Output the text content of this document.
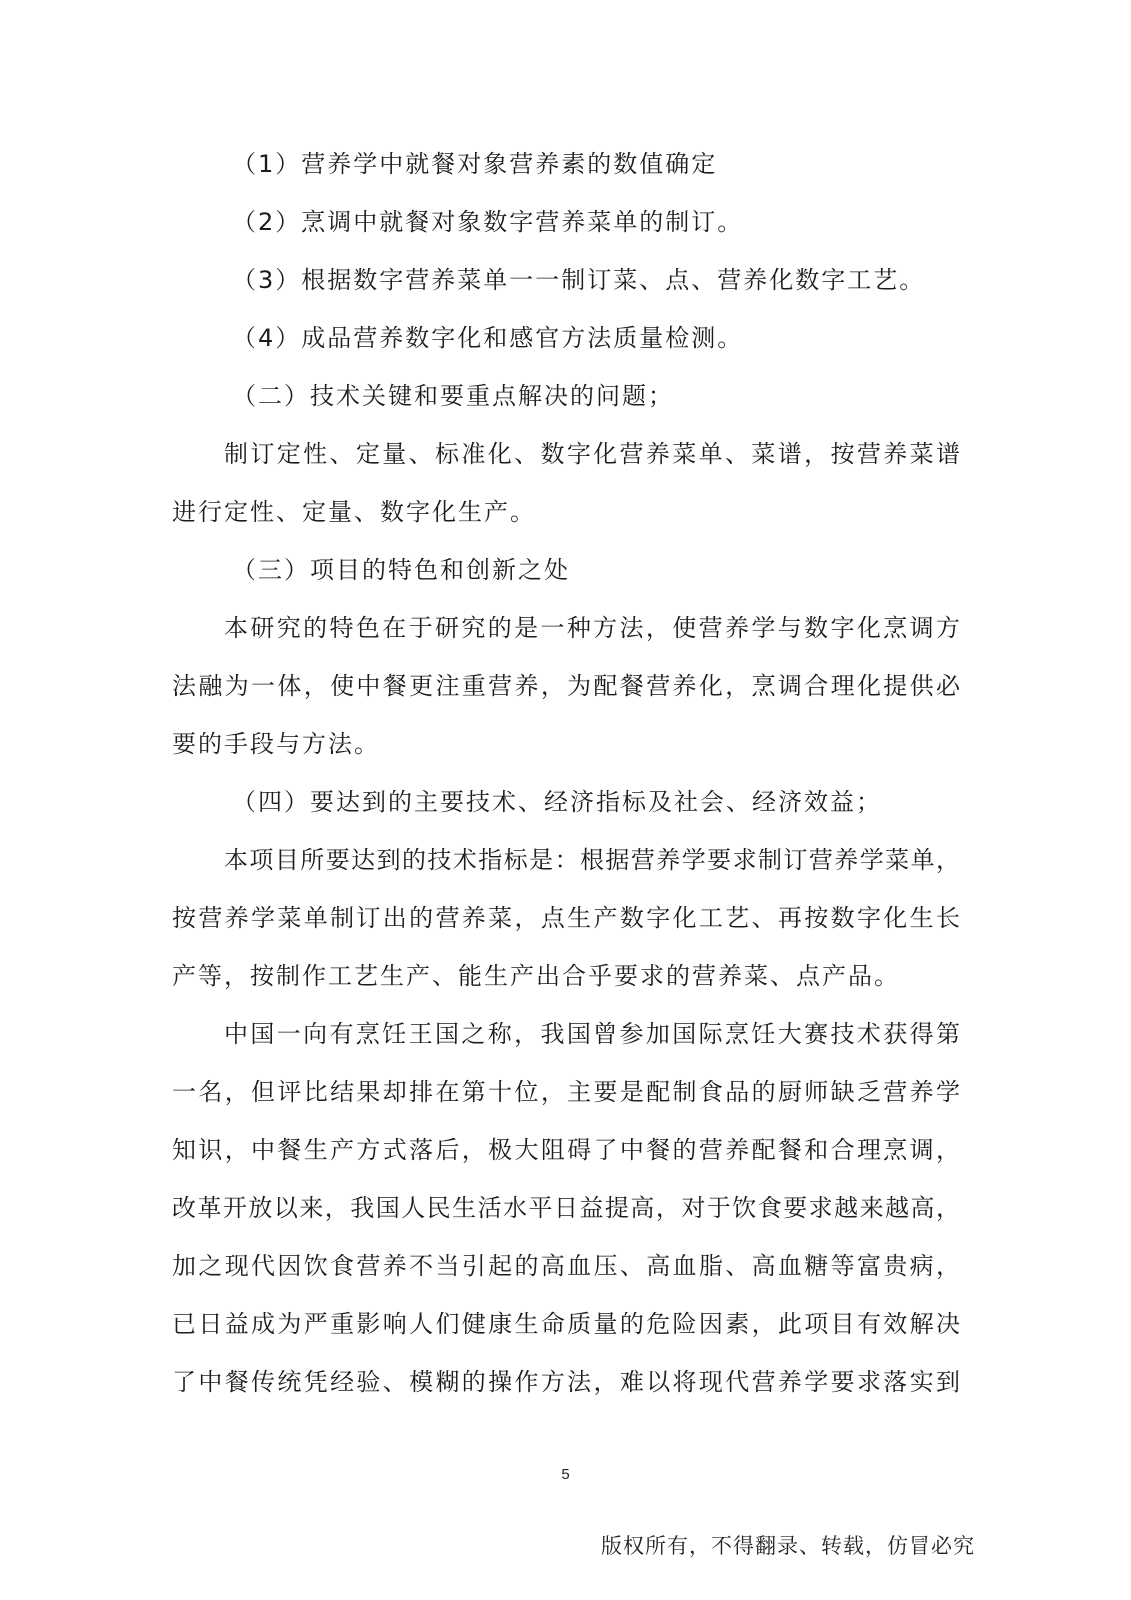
（1）营养学中就餐对象营养素的数值确定
（2）烹调中就餐对象数字营养菜单的制订。
（3）根据数字营养菜单一一制订菜、点、营养化数字工艺。
（4）成品营养数字化和感官方法质量检测。
（二）技术关键和要重点解决的问题；
制订定性、定量、标准化、数字化营养菜单、菜谱，按营养菜谱
进行定性、定量、数字化生产。
（三）项目的特色和创新之处
本研究的特色在于研究的是一种方法，使营养学与数字化烹调方
法融为一体，使中餐更注重营养，为配餐营养化，烹调合理化提供必
要的手段与方法。
（四）要达到的主要技术、经济指标及社会、经济效益；
本项目所要达到的技术指标是：根据营养学要求制订营养学菜单，
按营养学菜单制订出的营养菜，点生产数字化工艺、再按数字化生长
产等，按制作工艺生产、能生产出合乎要求的营养菜、点产品。
中国一向有烹饪王国之称，我国曾参加国际烹饪大赛技术获得第
一名，但评比结果却排在第十位，主要是配制食品的厨师缺乏营养学
知识，中餐生产方式落后，极大阻碍了中餐的营养配餐和合理烹调，
改革开放以来，我国人民生活水平日益提高，对于饮食要求越来越高，
加之现代因饮食营养不当引起的高血压、高血脂、高血糖等富贵病，
已日益成为严重影响人们健康生命质量的危险因素，此项目有效解决
了中餐传统凭经验、模糊的操作方法，难以将现代营养学要求落实到
5
版权所有，不得翻录、转载，仿冒必究
